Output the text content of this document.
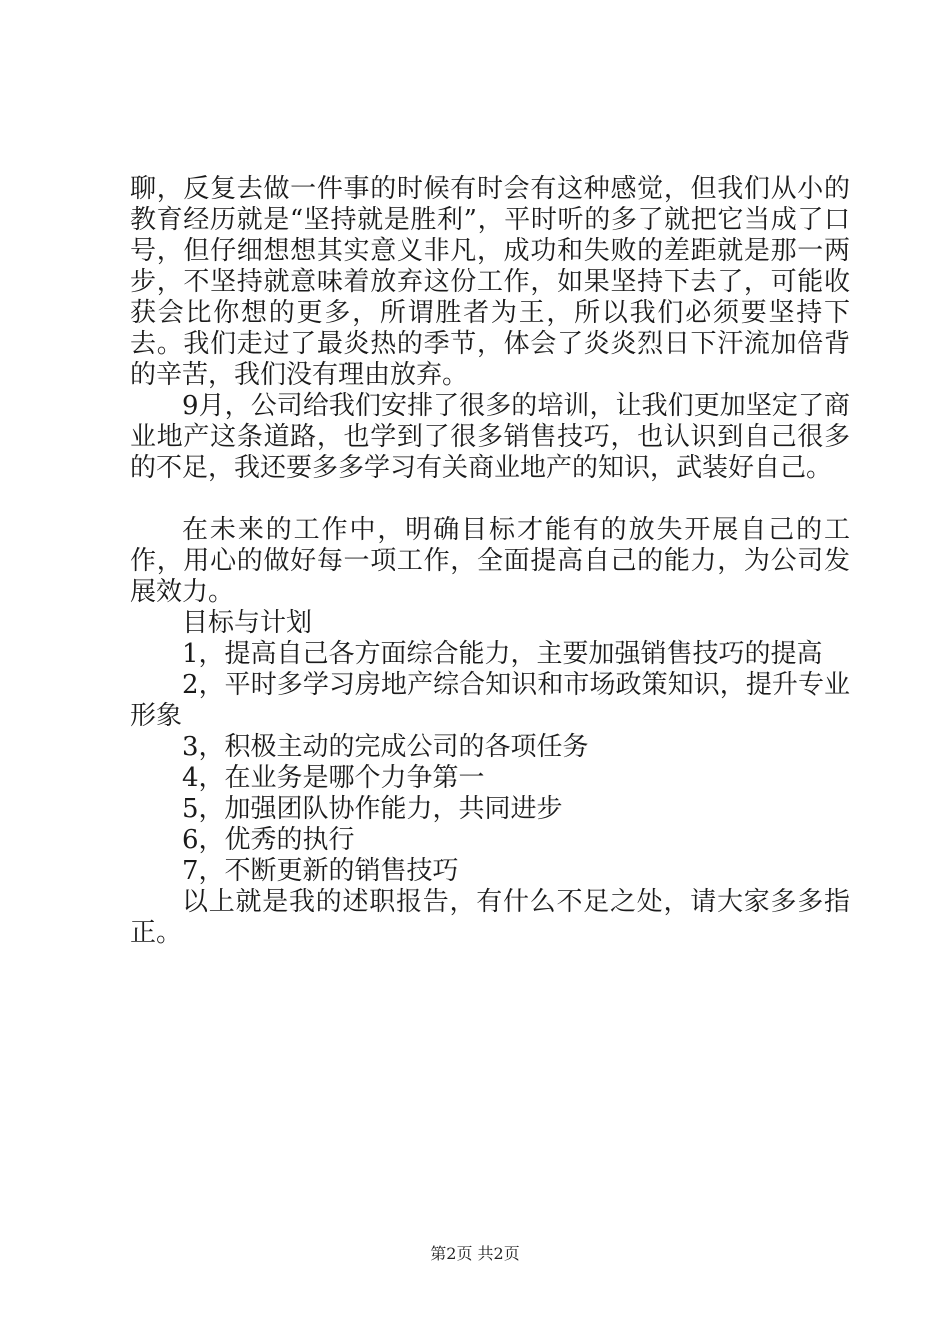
聊，反复去做一件事的时候有时会有这种感觉，但我们从小的教育经历就是“坚持就是胜利”，平时听的多了就把它当成了口号，但仔细想想其实意义非凡，成功和失败的差距就是那一两步，不坚持就意味着放弃这份工作，如果坚持下去了，可能收获会比你想的更多，所谓胜者为王，所以我们必须要坚持下去。我们走过了最炎热的季节，体会了炎炎烈日下汗流加倍背的辛苦，我们没有理由放弃。

9月，公司给我们安排了很多的培训，让我们更加坚定了商业地产这条道路，也学到了很多销售技巧，也认识到自己很多的不足，我还要多多学习有关商业地产的知识，武装好自己。

在未来的工作中，明确目标才能有的放失开展自己的工作，用心的做好每一项工作，全面提高自己的能力，为公司发展效力。

目标与计划

1，提高自己各方面综合能力，主要加强销售技巧的提高

2，平时多学习房地产综合知识和市场政策知识，提升专业形象

3，积极主动的完成公司的各项任务

4，在业务是哪个力争第一

5，加强团队协作能力，共同进步

6，优秀的执行

7，不断更新的销售技巧

以上就是我的述职报告，有什么不足之处，请大家多多指正。

第2页 共2页
